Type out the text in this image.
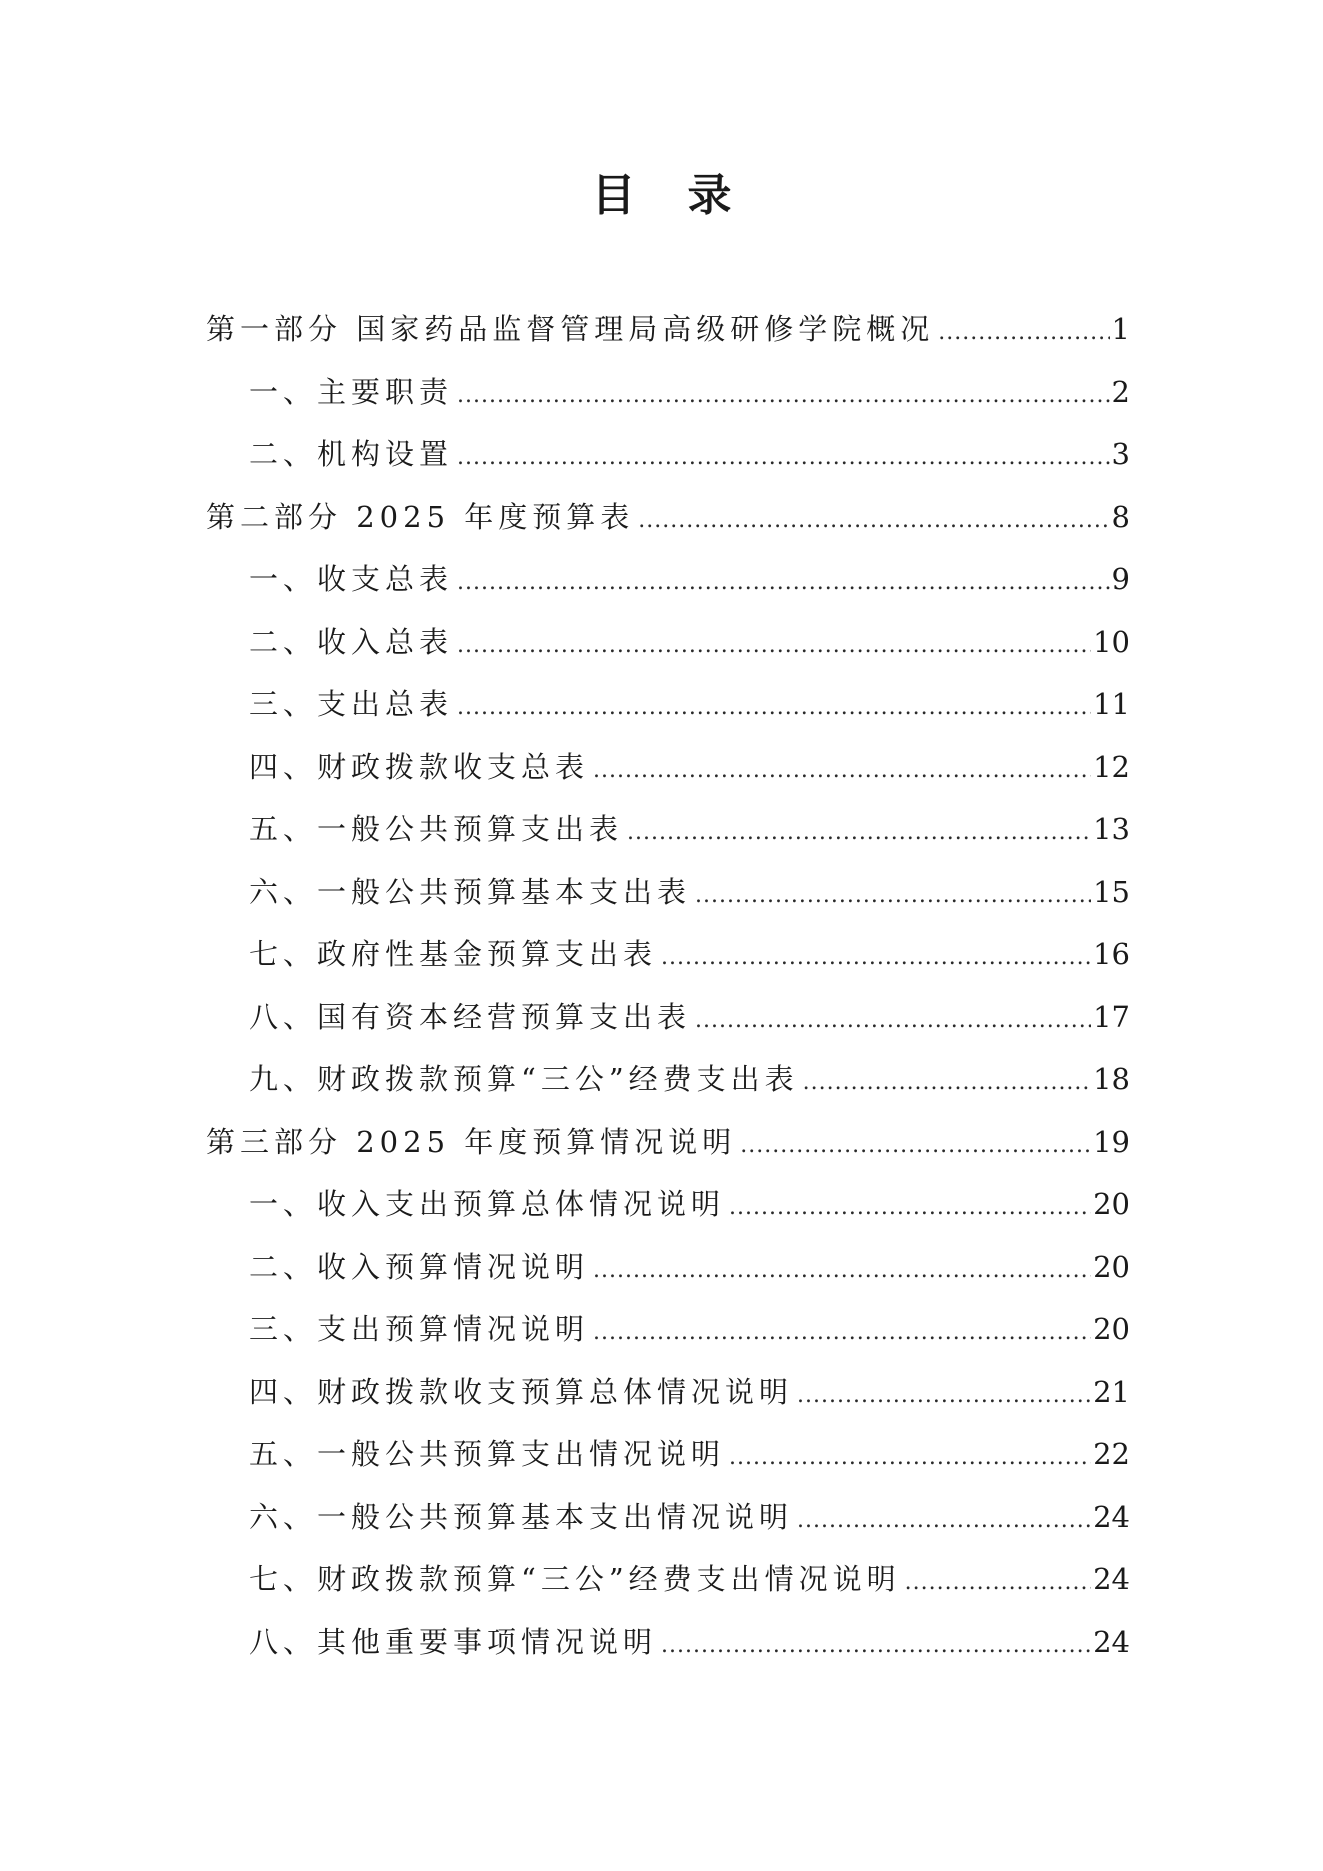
目 录
第一部分 国家药品监督管理局高级研修学院概况 .....	1
一、主要职责 .....	2
二、机构设置 .....	3
第二部分 2025 年度预算表 .....	8
一、收支总表 .....	9
二、收入总表 .....	10
三、支出总表 .....	11
四、财政拨款收支总表 .....	12
五、一般公共预算支出表 .....	13
六、一般公共预算基本支出表 .....	15
七、政府性基金预算支出表 .....	16
八、国有资本经营预算支出表 .....	17
九、财政拨款预算“三公”经费支出表 .....	18
第三部分 2025 年度预算情况说明 .....	19
一、收入支出预算总体情况说明 .....	20
二、收入预算情况说明 .....	20
三、支出预算情况说明 .....	20
四、财政拨款收支预算总体情况说明 .....	21
五、一般公共预算支出情况说明 .....	22
六、一般公共预算基本支出情况说明 .....	24
七、财政拨款预算“三公”经费支出情况说明 .....	24
八、其他重要事项情况说明 .....	24
